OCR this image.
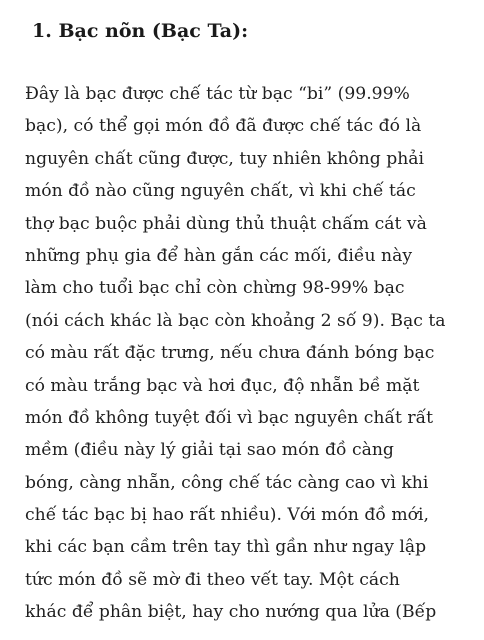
1. Bạc nõn (Bạc Ta):
Đây là bạc được chế tác từ bạc “bi” (99.99%
bạc), có thể gọi món đồ đã được chế tác đó là
nguyên chất cũng được, tuy nhiên không phải
món đồ nào cũng nguyên chất, vì khi chế tác
thợ bạc buộc phải dùng thủ thuật chấm cát và
những phụ gia để hàn gắn các mối, điều này
làm cho tuổi bạc chỉ còn chừng 98-99% bạc
(nói cách khác là bạc còn khoảng 2 số 9). Bạc ta
có màu rất đặc trưng, nếu chưa đánh bóng bạc
có màu trắng bạc và hơi đục, độ nhẵn bề mặt
món đồ không tuyệt đối vì bạc nguyên chất rất
mềm (điều này lý giải tại sao món đồ càng
bóng, càng nhẵn, công chế tác càng cao vì khi
chế tác bạc bị hao rất nhiều). Với món đồ mới,
khi các bạn cầm trên tay thì gần như ngay lập
tức món đồ sẽ mờ đi theo vết tay. Một cách
khác để phân biệt, hay cho nướng qua lửa (Bếp
